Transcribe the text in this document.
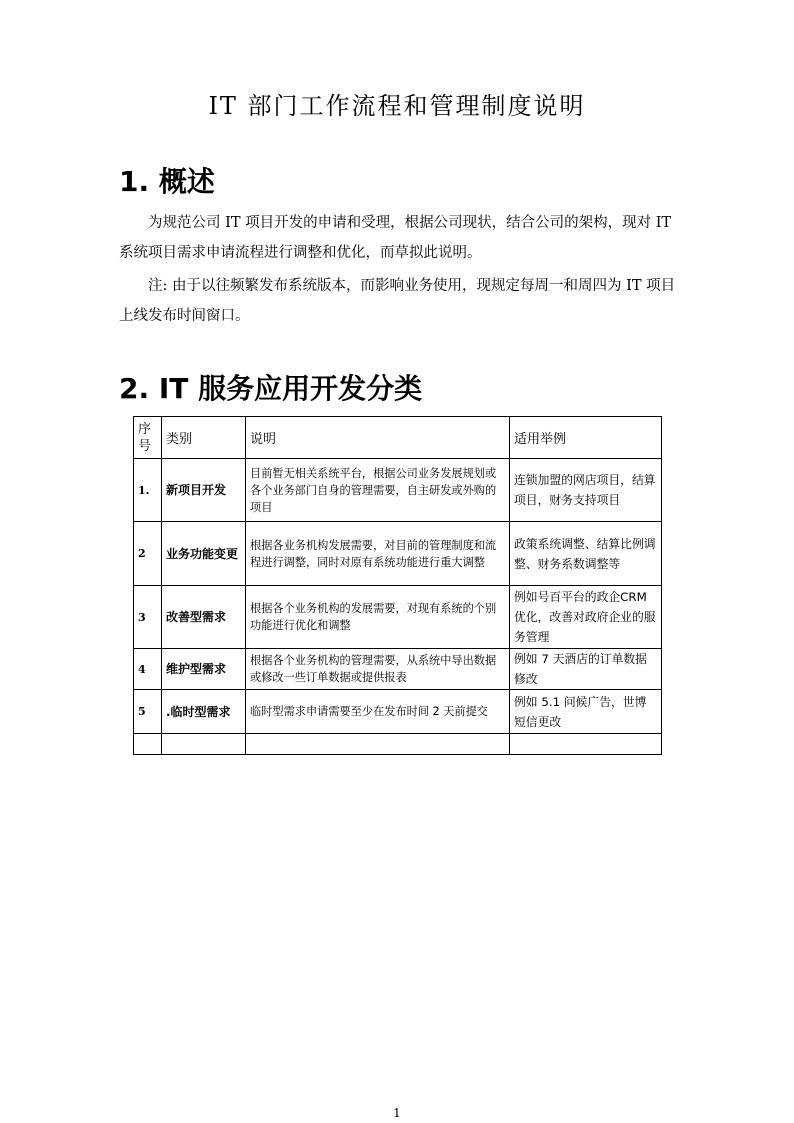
IT 部门工作流程和管理制度说明
1. 概述
为规范公司 IT 项目开发的申请和受理，根据公司现状，结合公司的架构，现对 IT 系统项目需求申请流程进行调整和优化，而草拟此说明。
注: 由于以往频繁发布系统版本，而影响业务使用，现规定每周一和周四为 IT 项目上线发布时间窗口。
2. IT 服务应用开发分类
序号	类别	说明	适用举例
1.	新项目开发	目前暂无相关系统平台，根据公司业务发展规划或各个业务部门自身的管理需要，自主研发或外购的项目	连锁加盟的网店项目，结算项目，财务支持项目
2	业务功能变更	根据各业务机构发展需要，对目前的管理制度和流程进行调整，同时对原有系统功能进行重大调整	政策系统调整、结算比例调整、财务系数调整等
3	改善型需求	根据各个业务机构的发展需要，对现有系统的个别功能进行优化和调整	例如号百平台的政企CRM优化，改善对政府企业的服务管理
4	维护型需求	根据各个业务机构的管理需要，从系统中导出数据或修改一些订单数据或提供报表	例如 7 天酒店的订单数据修改
5	.临时型需求	临时型需求申请需要至少在发布时间 2 天前提交	例如 5.1 问候广告，世博短信更改

1
